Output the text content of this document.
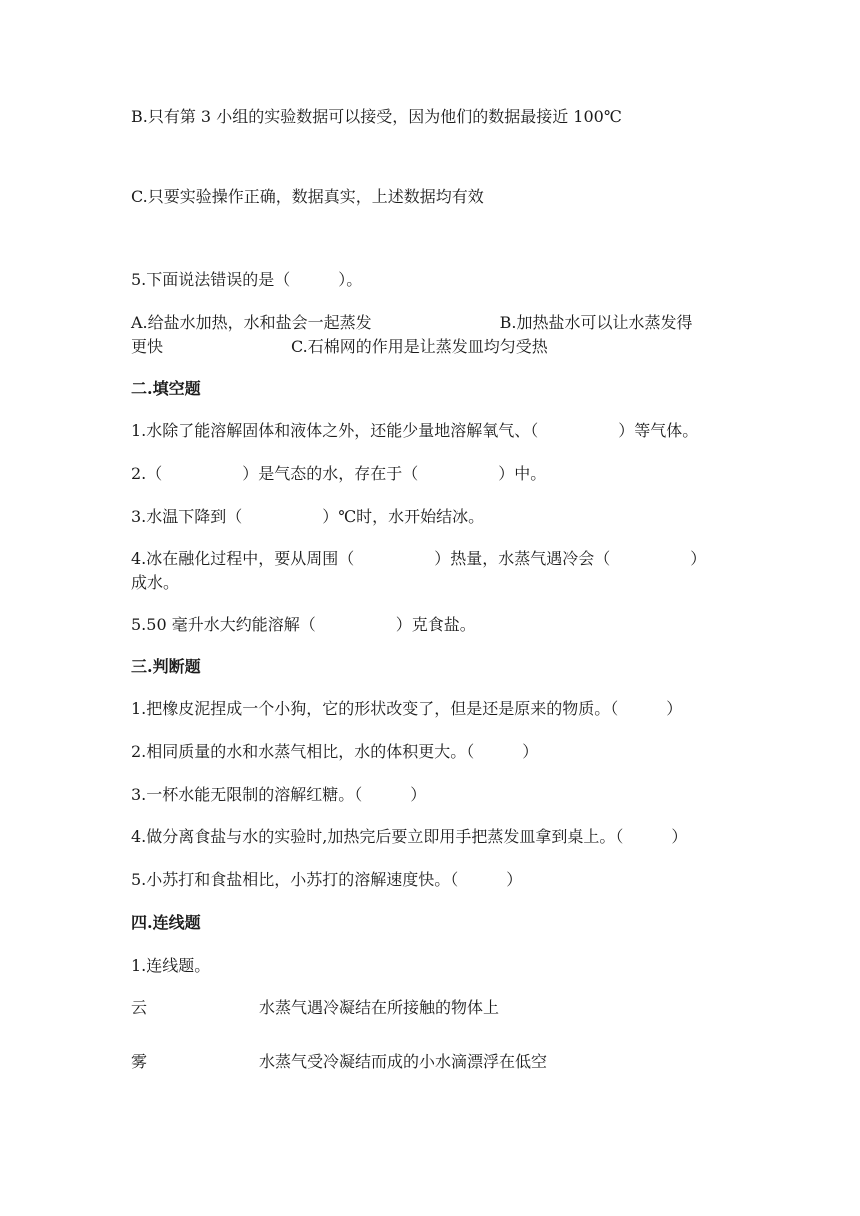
B.只有第 3 小组的实验数据可以接受，因为他们的数据最接近 100℃
C.只要实验操作正确，数据真实，上述数据均有效
5.下面说法错误的是（　　　）。
A.给盐水加热，水和盐会一起蒸发　　　　　　　　B.加热盐水可以让水蒸发得
更快　　　　　　　　C.石棉网的作用是让蒸发皿均匀受热
二.填空题
1.水除了能溶解固体和液体之外，还能少量地溶解氧气、（　　　　　）等气体。
2.（　　　　　）是气态的水，存在于（　　　　　）中。
3.水温下降到（　　　　　）℃时，水开始结冰。
4.冰在融化过程中，要从周围（　　　　　）热量，水蒸气遇冷会（　　　　　）
成水。
5.50 毫升水大约能溶解（　　　　　）克食盐。
三.判断题
1.把橡皮泥捏成一个小狗，它的形状改变了，但是还是原来的物质。（　　　）
2.相同质量的水和水蒸气相比，水的体积更大。（　　　）
3.一杯水能无限制的溶解红糖。（　　　）
4.做分离食盐与水的实验时,加热完后要立即用手把蒸发皿拿到桌上。（　　　）
5.小苏打和食盐相比，小苏打的溶解速度快。（　　　）
四.连线题
1.连线题。
云	水蒸气遇冷凝结在所接触的物体上
雾	水蒸气受冷凝结而成的小水滴漂浮在低空
